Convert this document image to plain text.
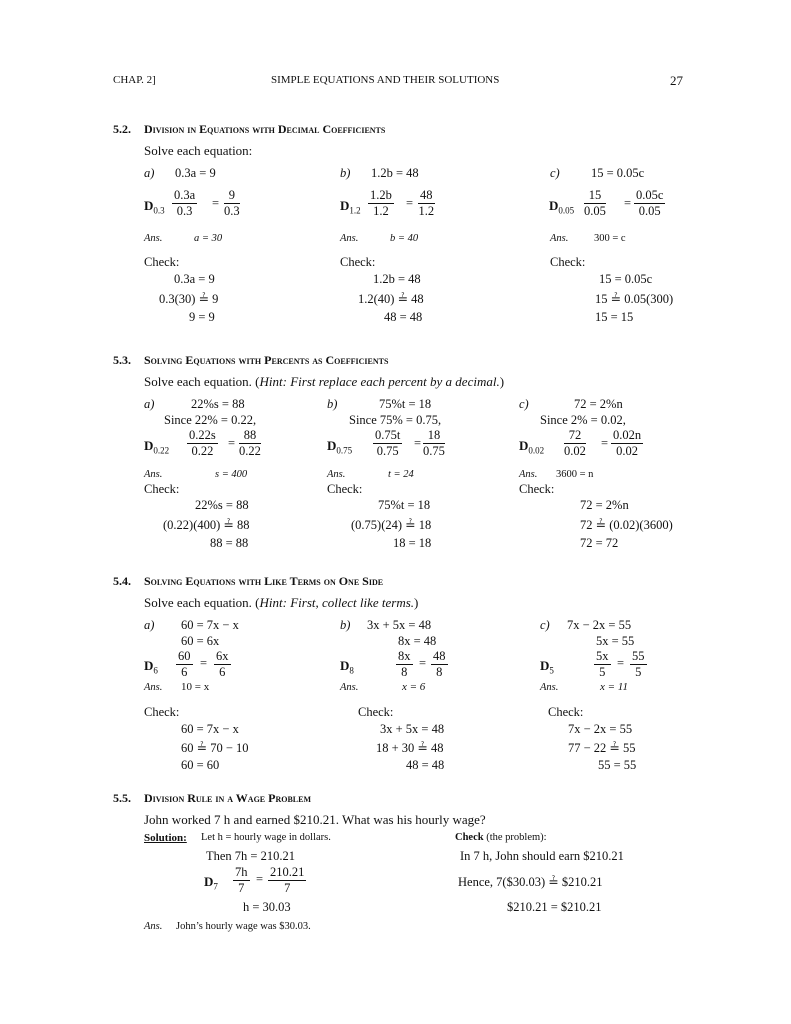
CHAP. 2]	SIMPLE EQUATIONS AND THEIR SOLUTIONS	27
5.2. Division in Equations with Decimal Coefficients
Solve each equation:
a) 0.3a = 9
$D_{0.3} \frac{0.3a}{0.3} = \frac{9}{0.3}$
Ans.	a = 30
Check:
0.3a = 9
0.3(30) ≟ 9
9 = 9
b) 1.2b = 48
$D_{1.2} \frac{1.2b}{1.2} = \frac{48}{1.2}$
Ans.	b = 40
Check:
1.2b = 48
1.2(40) ≟ 48
48 = 48
c)	15 = 0.05c
$D_{0.05} \frac{15}{0.05} = \frac{0.05c}{0.05}$
Ans. 300 = c
Check:
15 = 0.05c
15 ≟ 0.05(300)
15 = 15
5.3. Solving Equations with Percents as Coefficients
Solve each equation. (Hint: First replace each percent by a decimal.)
a)	22%s = 88
Since 22% = 0.22,
$D_{0.22} \frac{0.22s}{0.22} = \frac{88}{0.22}$
Ans.	s = 400
Check:
22%s = 88
(0.22)(400) ≟ 88
88 = 88
b)	75%t = 18
Since 75% = 0.75,
$D_{0.75} \frac{0.75t}{0.75} = \frac{18}{0.75}$
Ans.	t = 24
Check:
75%t = 18
(0.75)(24) ≟ 18
18 = 18
c)	72 = 2%n
Since 2% = 0.02,
$D_{0.02} \frac{72}{0.02} = \frac{0.02n}{0.02}$
Ans. 3600 = n
Check:
72 = 2%n
72 ≟ (0.02)(3600)
72 = 72
5.4. Solving Equations with Like Terms on One Side
Solve each equation. (Hint: First, collect like terms.)
a) 60 = 7x − x
60 = 6x
$D_6 \frac{60}{6} = \frac{6x}{6}$
Ans. 10 = x
Check:
60 = 7x − x
60 ≟ 70 − 10
60 = 60
b) 3x + 5x = 48
8x = 48
$D_8$	$\frac{8x}{8} = \frac{48}{8}$
Ans.	x = 6
Check:
3x + 5x = 48
18 + 30 ≟ 48
48 = 48
c) 7x − 2x = 55
5x = 55
$D_5$	$\frac{5x}{5} = \frac{55}{5}$
Ans.	x = 11
Check:
7x − 2x = 55
77 − 22 ≟ 55
55 = 55
5.5. Division Rule in a Wage Problem
John worked 7 h and earned $210.21. What was his hourly wage?
Solution: Let h = hourly wage in dollars.
Then 7h = 210.21
$D_7 \frac{7h}{7} = \frac{210.21}{7}$
h = 30.03
Ans. John’s hourly wage was $30.03.
Check (the problem):
In 7 h, John should earn $210.21
Hence, 7($30.03) ≟ $210.21
$210.21 = $210.21
